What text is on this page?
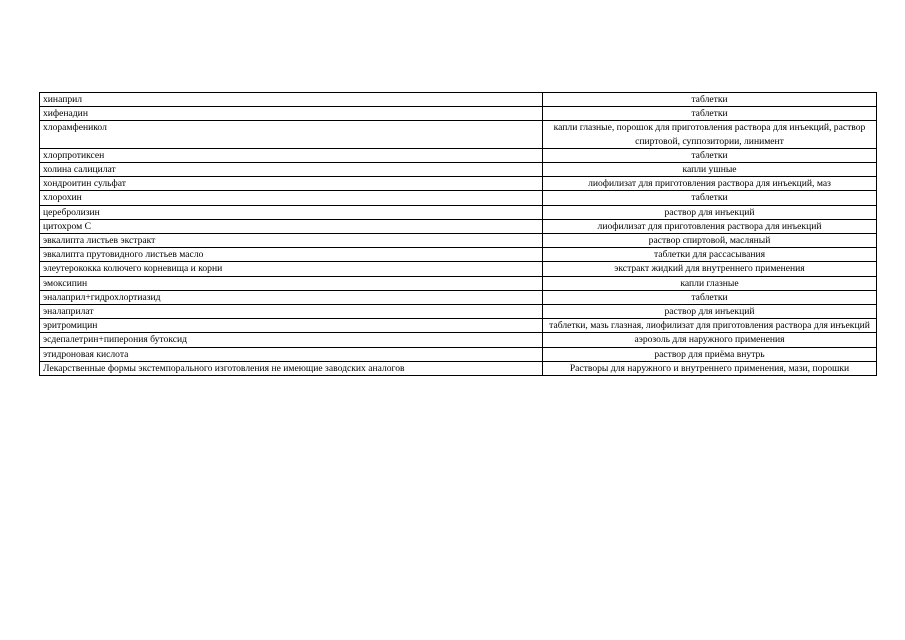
хинаприл	таблетки
хифенадин	таблетки
хлорамфеникол	капли глазные, порошок для приготовления раствора для инъекций, раствор спиртовой, суппозитории, линимент
хлорпротиксен	таблетки
холина салицилат	капли ушные
хондроитин сульфат	лиофилизат для приготовления раствора для инъекций, маз
хлорохин	таблетки
церебролизин	раствор для инъекций
цитохром С	лиофилизат для приготовления раствора для инъекций
эвкалипта листьев экстракт	раствор спиртовой, масляный
эвкалипта прутовидного листьев масло	таблетки для рассасывания
элеутерококка колючего корневища и корни	экстракт жидкий для внутреннего применения
эмоксипин	капли глазные
эналаприл+гидрохлортиазид	таблетки
эналаприлат	раствор для инъекций
эритромицин	таблетки, мазь глазная, лиофилизат для приготовления раствора для инъекций
эсдепалетрин+пиперония бутоксид	аэрозоль для наружного применения
этидроновая кислота	раствор для приёма внутрь
Лекарственные формы экстемпорального изготовления не имеющие заводских аналогов	Растворы для наружного и внутреннего применения, мази, порошки
